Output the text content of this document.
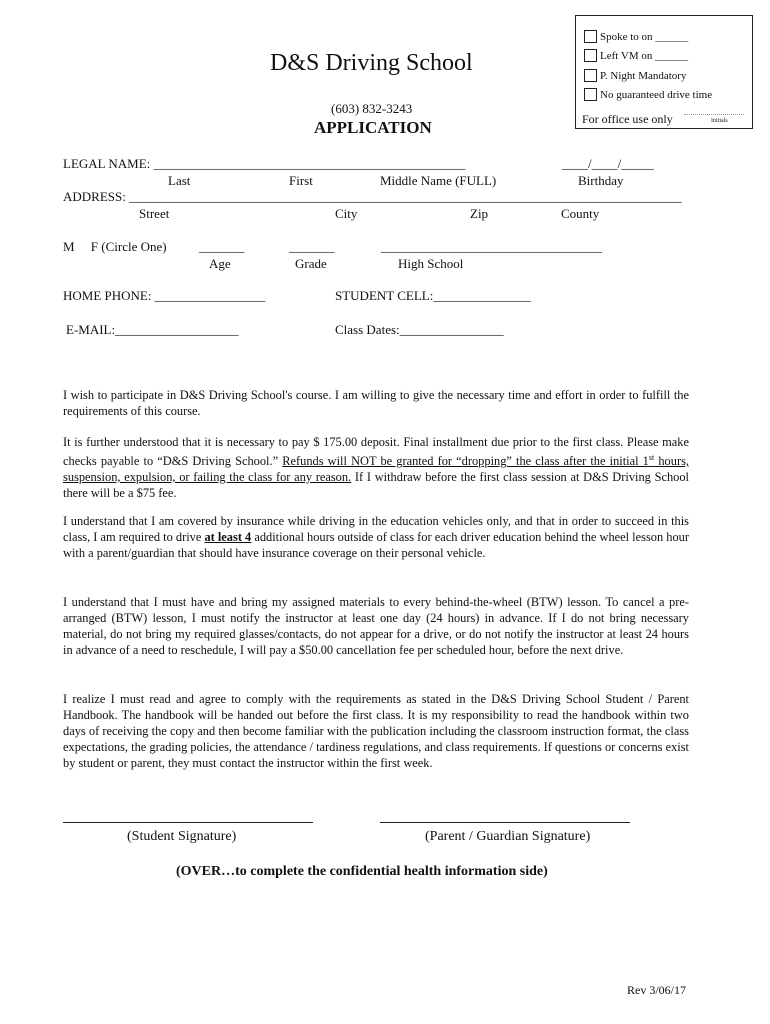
Spoke to on ______
Left VM on ______
P. Night Mandatory
No guaranteed drive time
For office use only	Initials
D&S Driving School
(603) 832-3243
APPLICATION
LEGAL NAME: ________________________________________________	____/____/_____
Last	First	Middle Name (FULL)	Birthday
ADDRESS: _____________________________________________________________________________________
Street	City	Zip	County
M     F (Circle One) _______	_______	__________________________________
Age	Grade	High School
HOME PHONE: _________________	STUDENT CELL:_______________
E-MAIL:___________________	Class Dates:________________
I wish to participate in D&S Driving School's course. I am willing to give the necessary time and effort in order to fulfill the requirements of this course.
It is further understood that it is necessary to pay $ 175.00 deposit. Final installment due prior to the first class. Please make checks payable to “D&S Driving School.” Refunds will NOT be granted for “dropping” the class after the initial 1st hours, suspension, expulsion, or failing the class for any reason. If I withdraw before the first class session at D&S Driving School there will be a $75 fee.
I understand that I am covered by insurance while driving in the education vehicles only, and that in order to succeed in this class, I am required to drive at least 4 additional hours outside of class for each driver education behind the wheel lesson hour with a parent/guardian that should have insurance coverage on their personal vehicle.
I understand that I must have and bring my assigned materials to every behind-the-wheel (BTW) lesson. To cancel a pre-arranged (BTW) lesson, I must notify the instructor at least one day (24 hours) in advance. If I do not bring necessary material, do not bring my required glasses/contacts, do not appear for a drive, or do not notify the instructor at least 24 hours in advance of a need to reschedule, I will pay a $50.00 cancellation fee per scheduled hour, before the next drive.
I realize I must read and agree to comply with the requirements as stated in the D&S Driving School Student / Parent Handbook. The handbook will be handed out before the first class. It is my responsibility to read the handbook within two days of receiving the copy and then become familiar with the publication including the classroom instruction format, the class expectations, the grading policies, the attendance / tardiness regulations, and class requirements. If questions or concerns exist by student or parent, they must contact the instructor within the first week.
(Student Signature)	(Parent / Guardian Signature)
(OVER…to complete the confidential health information side)
Rev 3/06/17
